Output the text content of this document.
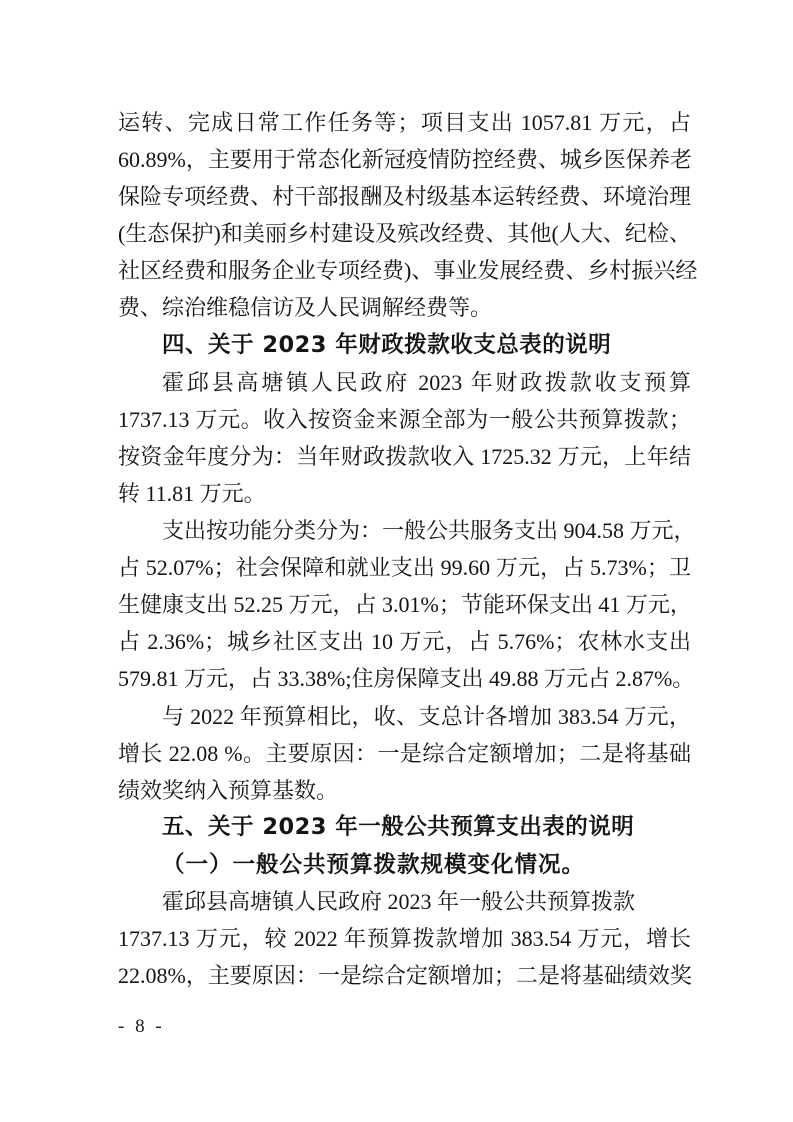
运转、完成日常工作任务等；项目支出 1057.81 万元，占
60.89%，主要用于常态化新冠疫情防控经费、城乡医保养老
保险专项经费、村干部报酬及村级基本运转经费、环境治理
(生态保护)和美丽乡村建设及殡改经费、其他(人大、纪检、
社区经费和服务企业专项经费)、事业发展经费、乡村振兴经
费、综治维稳信访及人民调解经费等。
四、关于 2023 年财政拨款收支总表的说明
霍邱县高塘镇人民政府 2023 年财政拨款收支预算
1737.13 万元。收入按资金来源全部为一般公共预算拨款；
按资金年度分为：当年财政拨款收入 1725.32 万元，上年结
转 11.81 万元。
支出按功能分类分为：一般公共服务支出 904.58 万元，
占 52.07%；社会保障和就业支出 99.60 万元，占 5.73%；卫
生健康支出 52.25 万元，占 3.01%；节能环保支出 41 万元，
占 2.36%；城乡社区支出 10 万元，占 5.76%；农林水支出
579.81 万元，占 33.38%;住房保障支出 49.88 万元占 2.87%。
与 2022 年预算相比，收、支总计各增加 383.54 万元，
增长 22.08 %。主要原因：一是综合定额增加；二是将基础
绩效奖纳入预算基数。
五、关于 2023 年一般公共预算支出表的说明
（一）一般公共预算拨款规模变化情况。
霍邱县高塘镇人民政府 2023 年一般公共预算拨款
1737.13 万元，较 2022 年预算拨款增加 383.54 万元，增长
22.08%，主要原因：一是综合定额增加；二是将基础绩效奖
- 8 -
